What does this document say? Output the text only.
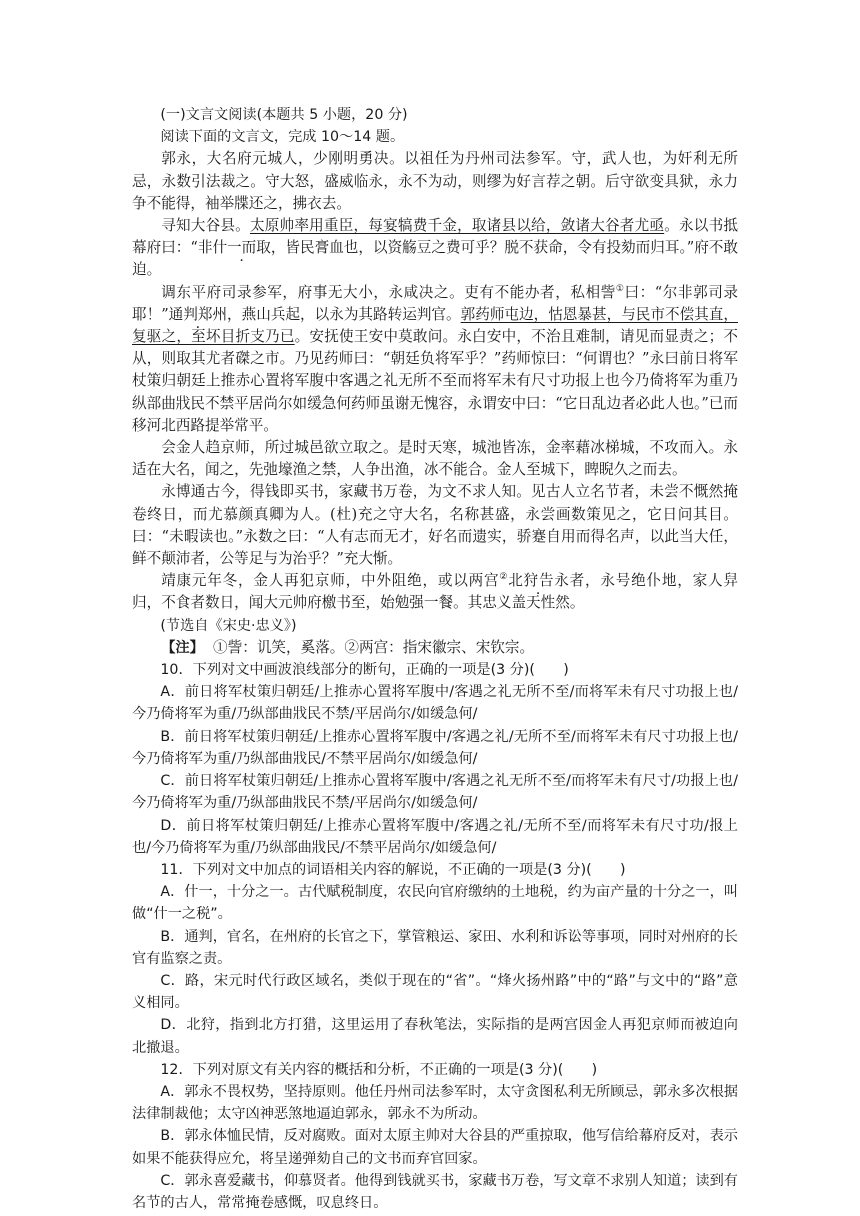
(一)文言文阅读(本题共 5 小题，20 分)

阅读下面的文言文，完成 10～14 题。

郭永，大名府元城人，少刚明勇决。以祖任为丹州司法参军。守，武人也，为奸利无所忌，永数引法裁之。守大怒，盛威临永，永不为动，则缪为好言荐之朝。后守欲变具狱，永力争不能得，袖举牒还之，拂衣去。

寻知大谷县。太原帅率用重臣，每宴犒费千金，取诸县以给，敛诸大谷者尤亟。永以书抵幕府曰：“非什一而取，皆民膏血也，以资觞豆之费可乎？脱不获命，令有投劾而归耳。”府不敢迫。

调东平府司录参军，府事无大小，永咸决之。吏有不能办者，私相訾①曰：“尔非郭司录耶！”通判郑州，燕山兵起，以永为其路转运判官。郭药师屯边，怙恩暴甚，与民市不偿其直，复驱之，至坏目折支乃已。安抚使王安中莫敢问。永白安中，不治且难制，请见而显责之；不从，则取其尤者磔之市。乃见药师曰：“朝廷负将军乎？”药师惊曰：“何谓也？”永曰前日将军杖策归朝廷上推赤心置将军腹中客遇之礼无所不至而将军未有尺寸功报上也今乃倚将军为重乃纵部曲戕民不禁平居尚尔如缓急何药师虽谢无愧容，永谓安中曰：“它日乱边者必此人也。”已而移河北西路提举常平。

会金人趋京师，所过城邑欲立取之。是时天寒，城池皆冻，金率藉冰梯城，不攻而入。永适在大名，闻之，先弛壕渔之禁，人争出渔，冰不能合。金人至城下，睥睨久之而去。

永博通古今，得钱即买书，家藏书万卷，为文不求人知。见古人立名节者，未尝不慨然掩卷终日，而尤慕颜真卿为人。(杜)充之守大名，名称甚盛，永尝画数策见之，它日问其目。曰：“未暇读也。”永数之曰：“人有志而无才，好名而遗实，骄蹇自用而得名声，以此当大任，鲜不颠沛者，公等足与为治乎？”充大惭。

靖康元年冬，金人再犯京师，中外阻绝，或以两宫②北狩告永者，永号绝仆地，家人舁归，不食者数日，闻大元帅府檄书至，始勉强一餐。其忠义盖天性然。

(节选自《宋史·忠义》)

【注】 ①訾：讥笑，奚落。②两宫：指宋徽宗、宋钦宗。

10．下列对文中画波浪线部分的断句，正确的一项是(3 分)(　　)

A．前日将军杖策归朝廷/上推赤心置将军腹中/客遇之礼无所不至/而将军未有尺寸功报上也/今乃倚将军为重/乃纵部曲戕民不禁/平居尚尔/如缓急何/

B．前日将军杖策归朝廷/上推赤心置将军腹中/客遇之礼/无所不至/而将军未有尺寸功报上也/今乃倚将军为重/乃纵部曲戕民/不禁平居尚尔/如缓急何/

C．前日将军杖策归朝廷/上推赤心置将军腹中/客遇之礼无所不至/而将军未有尺寸/功报上也/今乃倚将军为重/乃纵部曲戕民不禁/平居尚尔/如缓急何/

D．前日将军杖策归朝廷/上推赤心置将军腹中/客遇之礼/无所不至/而将军未有尺寸功/报上也/今乃倚将军为重/乃纵部曲戕民/不禁平居尚尔/如缓急何/

11．下列对文中加点的词语相关内容的解说，不正确的一项是(3 分)(　　)

A．什一，十分之一。古代赋税制度，农民向官府缴纳的土地税，约为亩产量的十分之一，叫做“什一之税”。

B．通判，官名，在州府的长官之下，掌管粮运、家田、水利和诉讼等事项，同时对州府的长官有监察之责。

C．路，宋元时代行政区域名，类似于现在的“省”。“烽火扬州路”中的“路”与文中的“路”意义相同。

D．北狩，指到北方打猎，这里运用了春秋笔法，实际指的是两宫因金人再犯京师而被迫向北撤退。

12．下列对原文有关内容的概括和分析，不正确的一项是(3 分)(　　)

A．郭永不畏权势，坚持原则。他任丹州司法参军时，太守贪图私利无所顾忌，郭永多次根据法律制裁他；太守凶神恶煞地逼迫郭永，郭永不为所动。

B．郭永体恤民情，反对腐败。面对太原主帅对大谷县的严重掠取，他写信给幕府反对，表示如果不能获得应允，将呈递弹劾自己的文书而弃官回家。

C．郭永喜爱藏书，仰慕贤者。他得到钱就买书，家藏书万卷，写文章不求别人知道；读到有名节的古人，常常掩卷感慨，叹息终日。
